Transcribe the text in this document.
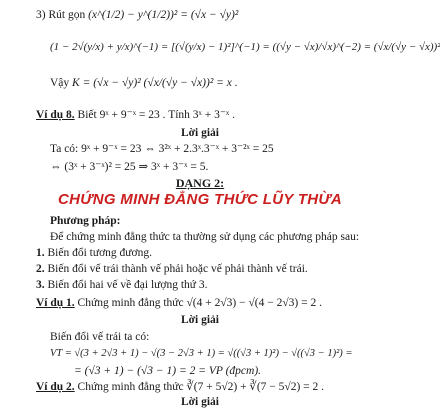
3) Rút gọn (x^(1/2) − y^(1/2))² = (√x − √y)²
(1 − 2√(y/x) + y/x)^(−1) = [(√(y/x) − 1)²]^(−1) = ((√y − √x)/√x)^(−2) = (√x/(√y − √x))²
Vậy K = (√x − √y)² (√x/(√y − √x))² = x .
Ví dụ 8. Biết 9ˣ + 9⁻ˣ = 23 . Tính 3ˣ + 3⁻ˣ .
Lời giải
Ta có: 9ˣ + 9⁻ˣ = 23 ⇔ 3²ˣ + 2.3ˣ.3⁻ˣ + 3⁻²ˣ = 25
⇔ (3ˣ + 3⁻ˣ)² = 25 ⇒ 3ˣ + 3⁻ˣ = 5.
DẠNG 2:
CHỨNG MINH ĐẲNG THỨC LŨY THỪA
Phương pháp:
Để chứng minh đẳng thức ta thường sử dụng các phương pháp sau:
1. Biến đổi tương đương.
2. Biến đổi vế trái thành vế phải hoặc vế phải thành vế trái.
3. Biến đổi hai vế về đại lượng thứ 3.
Ví dụ 1. Chứng minh đẳng thức √(4 + 2√3) − √(4 − 2√3) = 2 .
Lời giải
Biến đổi vế trái ta có:
VT = √(3 + 2√3 + 1) − √(3 − 2√3 + 1) = √((√3 + 1)²) − √((√3 − 1)²) =
= (√3 + 1) − (√3 − 1) = 2 = VP (đpcm).
Ví dụ 2. Chứng minh đẳng thức ∛(7 + 5√2) + ∛(7 − 5√2) = 2 .
Lời giải
